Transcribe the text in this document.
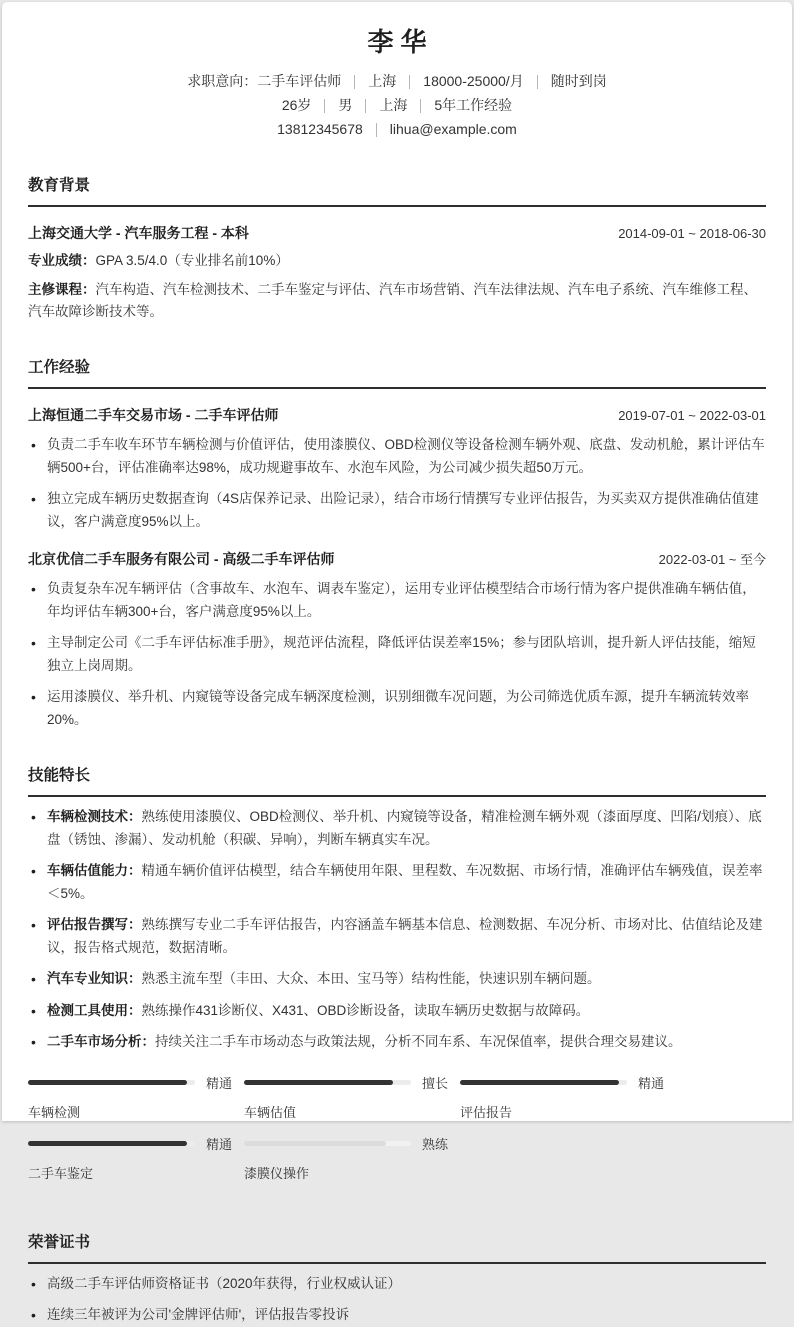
李华
求职意向：二手车评估师 上海 18000-25000/月 随时到岗
26岁 男 上海 5年工作经验
13812345678 lihua@example.com
教育背景
上海交通大学 - 汽车服务工程 - 本科	2014-09-01 ~ 2018-06-30
专业成绩：GPA 3.5/4.0（专业排名前10%）
主修课程：汽车构造、汽车检测技术、二手车鉴定与评估、汽车市场营销、汽车法律法规、汽车电子系统、汽车维修工程、汽车故障诊断技术等。
工作经验
上海恒通二手车交易市场 - 二手车评估师	2019-07-01 ~ 2022-03-01
• 负责二手车收车环节车辆检测与价值评估，使用漆膜仪、OBD检测仪等设备检测车辆外观、底盘、发动机舱，累计评估车辆500+台，评估准确率达98%，成功规避事故车、水泡车风险，为公司减少损失超50万元。
• 独立完成车辆历史数据查询（4S店保养记录、出险记录），结合市场行情撰写专业评估报告，为买卖双方提供准确估值建议，客户满意度95%以上。
北京优信二手车服务有限公司 - 高级二手车评估师	2022-03-01 ~ 至今
• 负责复杂车况车辆评估（含事故车、水泡车、调表车鉴定），运用专业评估模型结合市场行情为客户提供准确车辆估值，年均评估车辆300+台，客户满意度95%以上。
• 主导制定公司《二手车评估标准手册》，规范评估流程，降低评估误差率15%；参与团队培训，提升新人评估技能，缩短独立上岗周期。
• 运用漆膜仪、举升机、内窥镜等设备完成车辆深度检测，识别细微车况问题，为公司筛选优质车源，提升车辆流转效率20%。
技能特长
• 车辆检测技术：熟练使用漆膜仪、OBD检测仪、举升机、内窥镜等设备，精准检测车辆外观（漆面厚度、凹陷/划痕）、底盘（锈蚀、渗漏）、发动机舱（积碳、异响），判断车辆真实车况。
• 车辆估值能力：精通车辆价值评估模型，结合车辆使用年限、里程数、车况数据、市场行情，准确评估车辆残值，误差率＜5%。
• 评估报告撰写：熟练撰写专业二手车评估报告，内容涵盖车辆基本信息、检测数据、车况分析、市场对比、估值结论及建议，报告格式规范，数据清晰。
• 汽车专业知识：熟悉主流车型（丰田、大众、本田、宝马等）结构性能，快速识别车辆问题。
• 检测工具使用：熟练操作431诊断仪、X431、OBD诊断设备，读取车辆历史数据与故障码。
• 二手车市场分析：持续关注二手车市场动态与政策法规，分析不同车系、车况保值率，提供合理交易建议。
精通
车辆检测
擅长
车辆估值
精通
评估报告
精通
二手车鉴定
熟练
漆膜仪操作
荣誉证书
• 高级二手车评估师资格证书（2020年获得，行业权威认证）
• 连续三年被评为公司'金牌评估师'，评估报告零投诉
